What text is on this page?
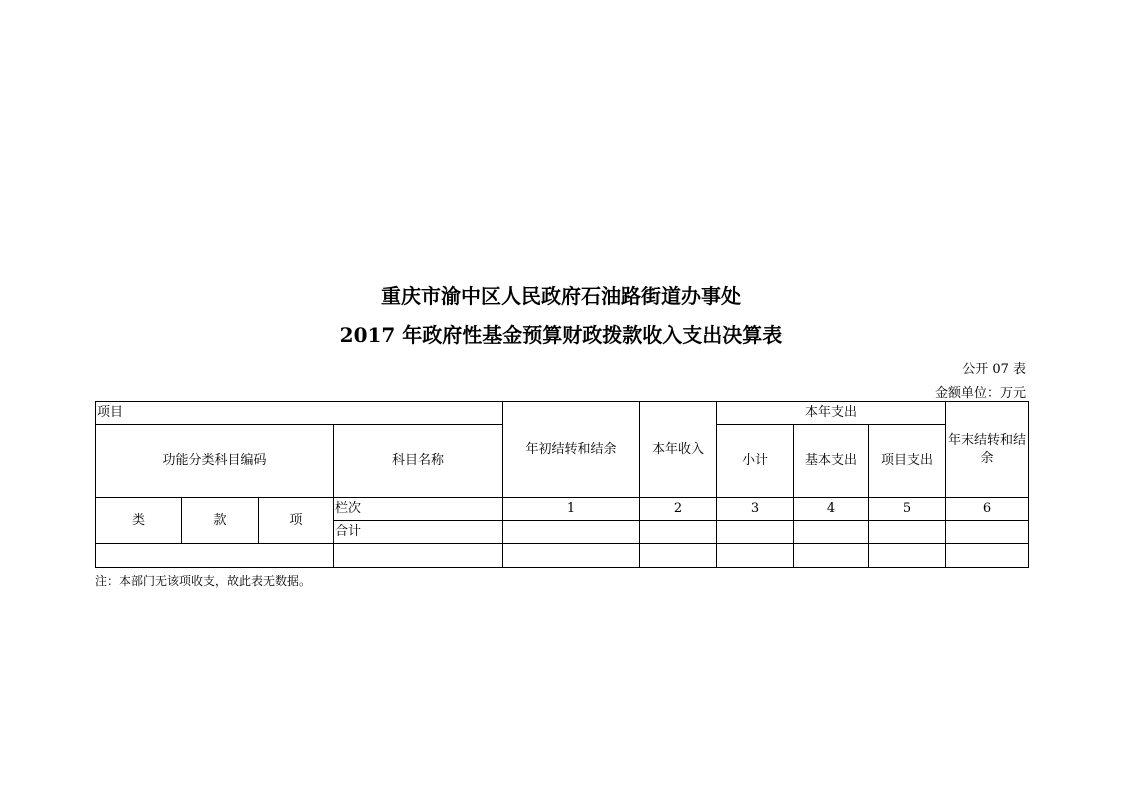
重庆市渝中区人民政府石油路街道办事处
2017 年政府性基金预算财政拨款收入支出决算表
公开 07 表
金额单位：万元
项目				年初结转和结余	本年收入	本年支出			年末结转和结余
功能分类科目编码			科目名称			小计	基本支出	项目支出	
类	款	项	栏次	1	2	3	4	5	6
			合计						

注：本部门无该项收支，故此表无数据。
